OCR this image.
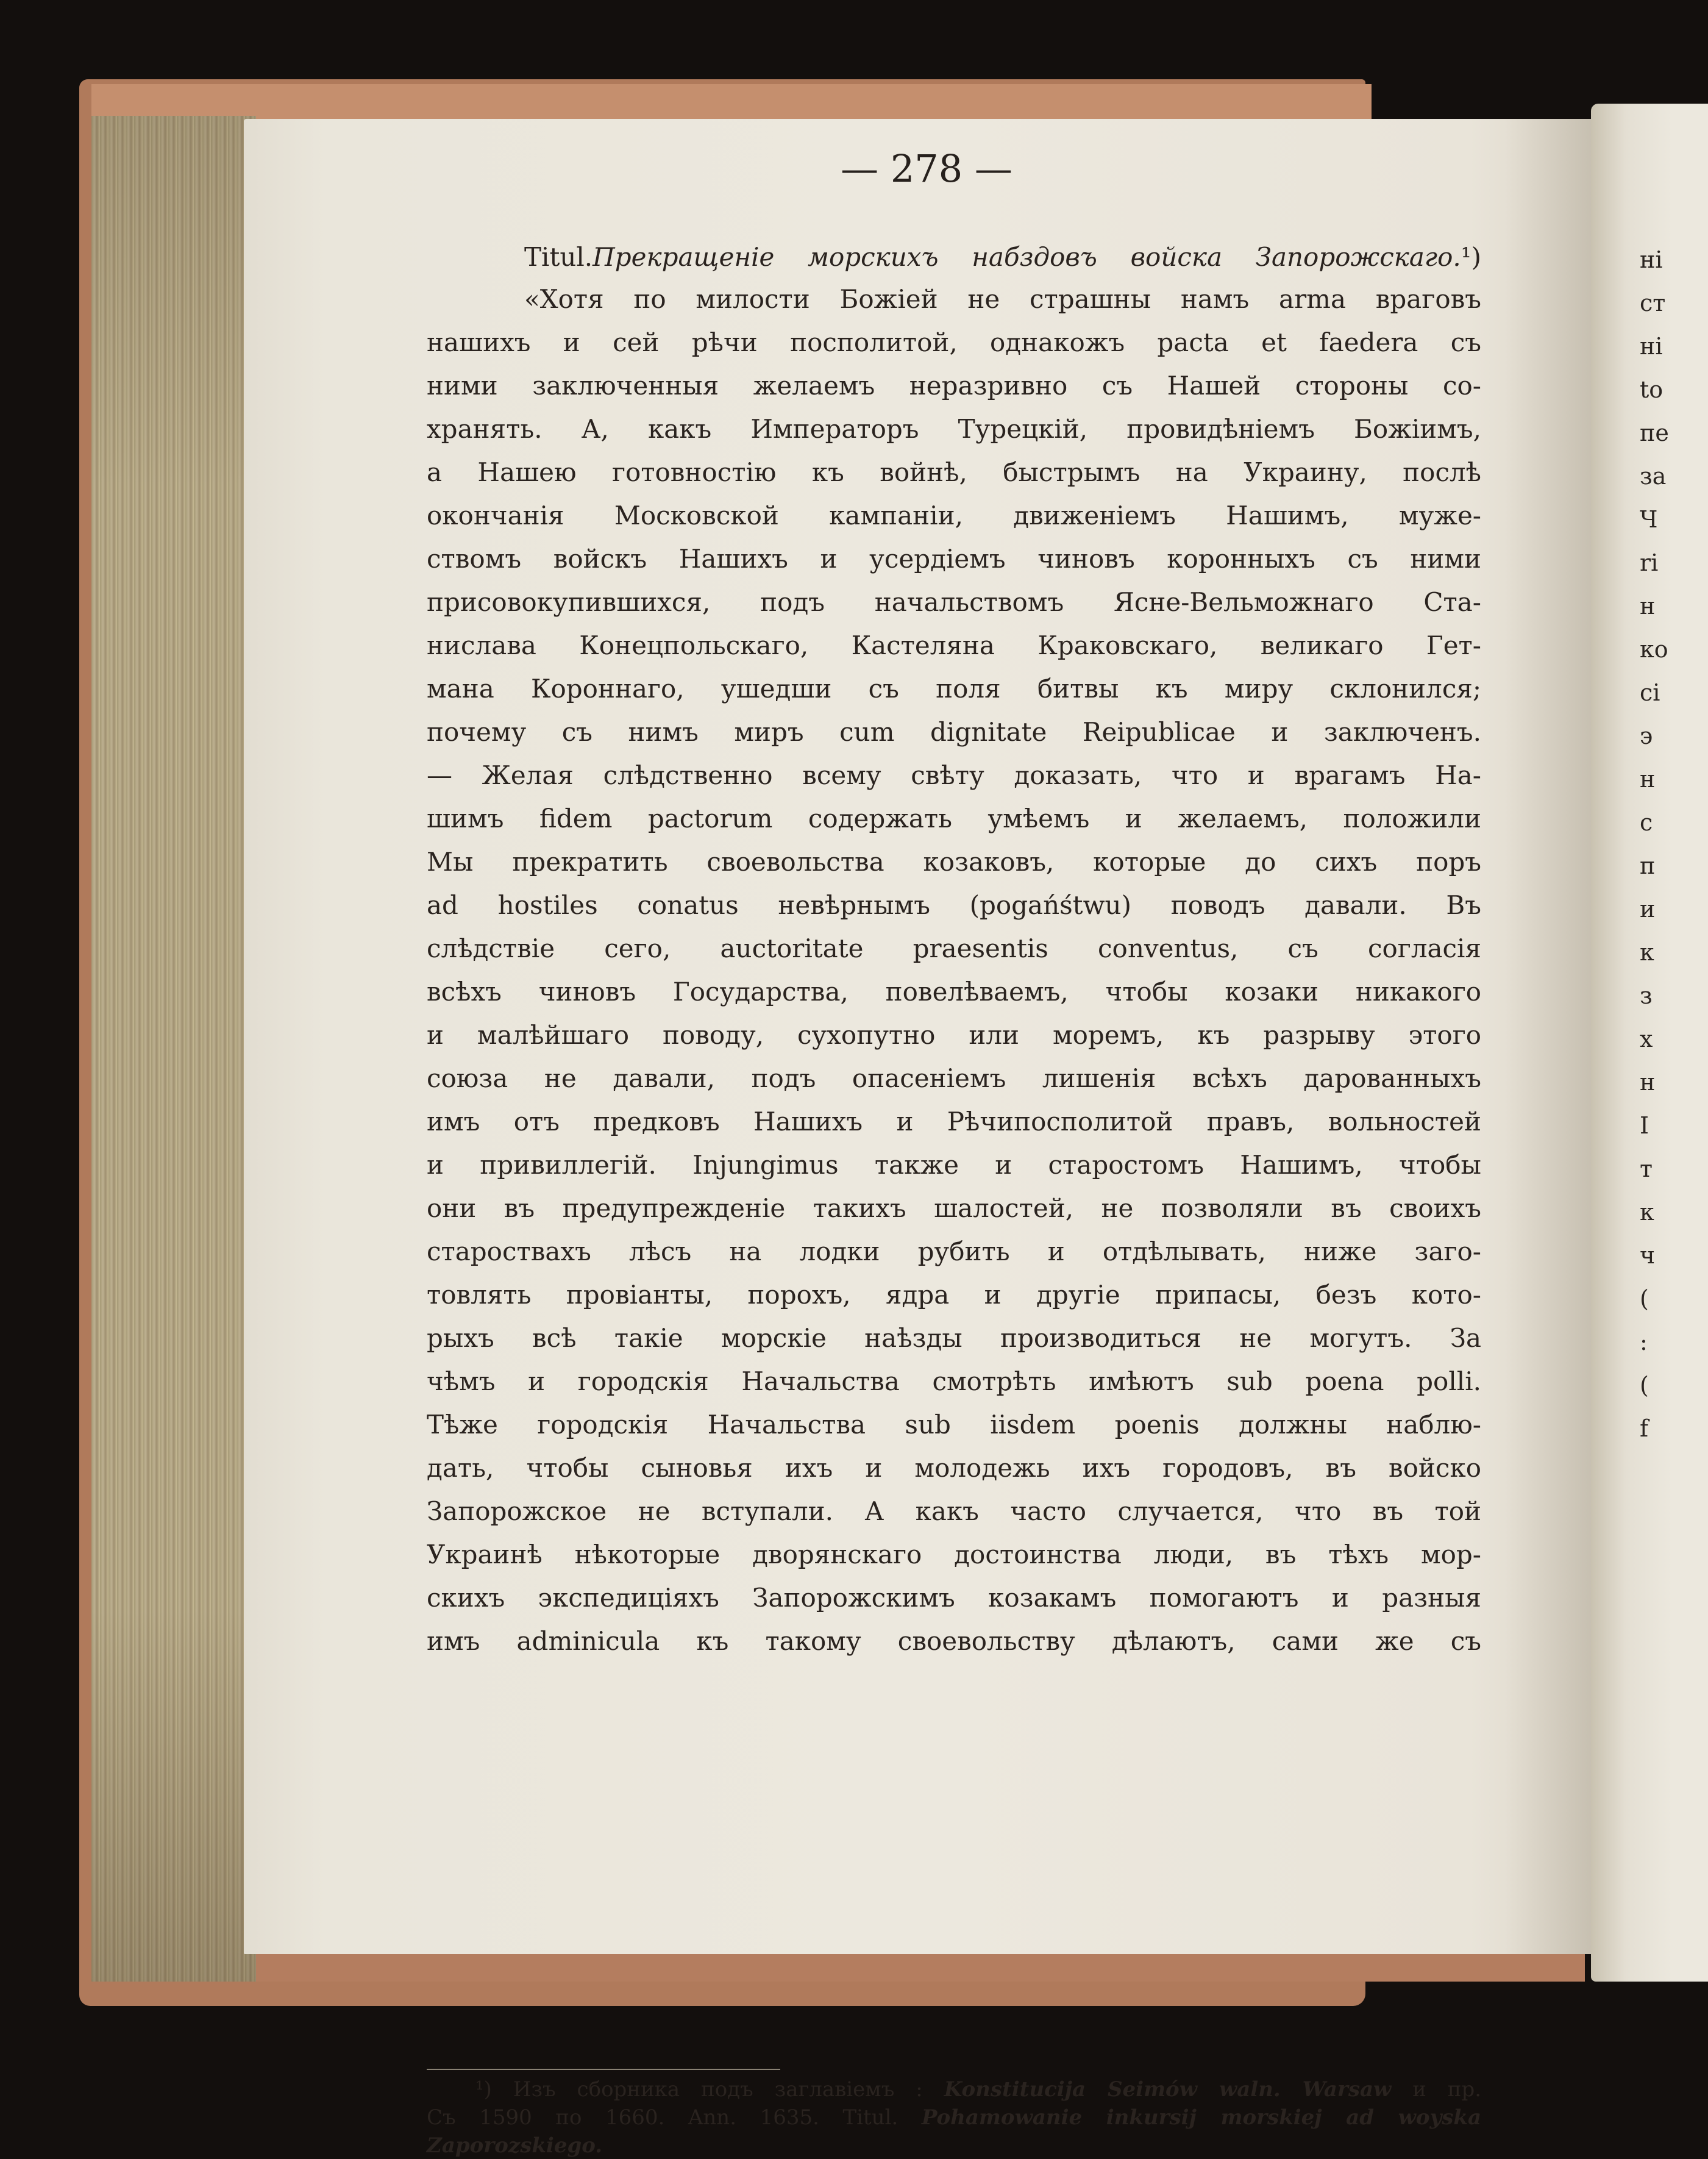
ні
ст
ні
to
пе
за
Ч
ri
н
ко
сі
э
н
с
п
и
к
з
х
н
I
т
к
ч
(
:
(
f
— 278 —
Titul.Прекращеніе морскихъ набздовъ войска Запорожскаго.¹)
«Хотя по милости Божіей не страшны намъ arma враговъ
нашихъ и сей рѣчи посполитой, однакожъ pacta et faedera съ
ними заключенныя желаемъ неразривно съ Нашей стороны со-
хранять. А, какъ Императоръ Турецкій, провидѣніемъ Божіимъ,
а Нашею готовностію къ войнѣ, быстрымъ на Украину, послѣ
окончанія Московской кампаніи, движеніемъ Нашимъ, муже-
ствомъ войскъ Нашихъ и усердіемъ чиновъ коронныхъ съ ними
присовокупившихся, подъ начальствомъ Ясне-Вельможнаго Ста-
нислава Конецпольскаго, Кастеляна Краковскаго, великаго Гет-
мана Короннаго, ушедши съ поля битвы къ миру склонился;
почему съ нимъ миръ cum dignitate Reipublicae и заключенъ.
— Желая слѣдственно всему свѣту доказать, что и врагамъ На-
шимъ fidem pactorum содержать умѣемъ и желаемъ, положили
Мы прекратить своевольства козаковъ, которые до сихъ поръ
ad hostiles conatus невѣрнымъ (pogańśtwu) поводъ давали. Въ
слѣдствіе сего, auctoritate praesentis conventus, съ согласія
всѣхъ чиновъ Государства, повелѣваемъ, чтобы козаки никакого
и малѣйшаго поводу, сухопутно или моремъ, къ разрыву этого
союза не давали, подъ опасеніемъ лишенія всѣхъ дарованныхъ
имъ отъ предковъ Нашихъ и Рѣчипосполитой правъ, вольностей
и привиллегій. Injungimus также и старостомъ Нашимъ, чтобы
они въ предупрежденіе такихъ шалостей, не позволяли въ своихъ
староствахъ лѣсъ на лодки рубить и отдѣлывать, ниже заго-
товлять провіанты, порохъ, ядра и другіе припасы, безъ кото-
рыхъ всѣ такіе морскіе наѣзды производиться не могутъ. За
чѣмъ и городскія Начальства смотрѣть имѣютъ sub poena polli.
Тѣже городскія Начальства sub iisdem poenis должны наблю-
дать, чтобы сыновья ихъ и молодежь ихъ городовъ, въ войско
Запорожское не вступали. А какъ часто случается, что въ той
Украинѣ нѣкоторые дворянскаго достоинства люди, въ тѣхъ мор-
скихъ экспедиціяхъ Запорожскимъ козакамъ помогаютъ и разныя
имъ adminicula къ такому своевольству дѣлаютъ, сами же съ
¹) Изъ сборника подъ заглавіемъ : Konstitucija Seimów waln. Warsaw и пр.
Съ 1590 по 1660. Ann. 1635. Titul. Pohamowanie inkursij morskiej ad woyska
Zaporozskiego.
